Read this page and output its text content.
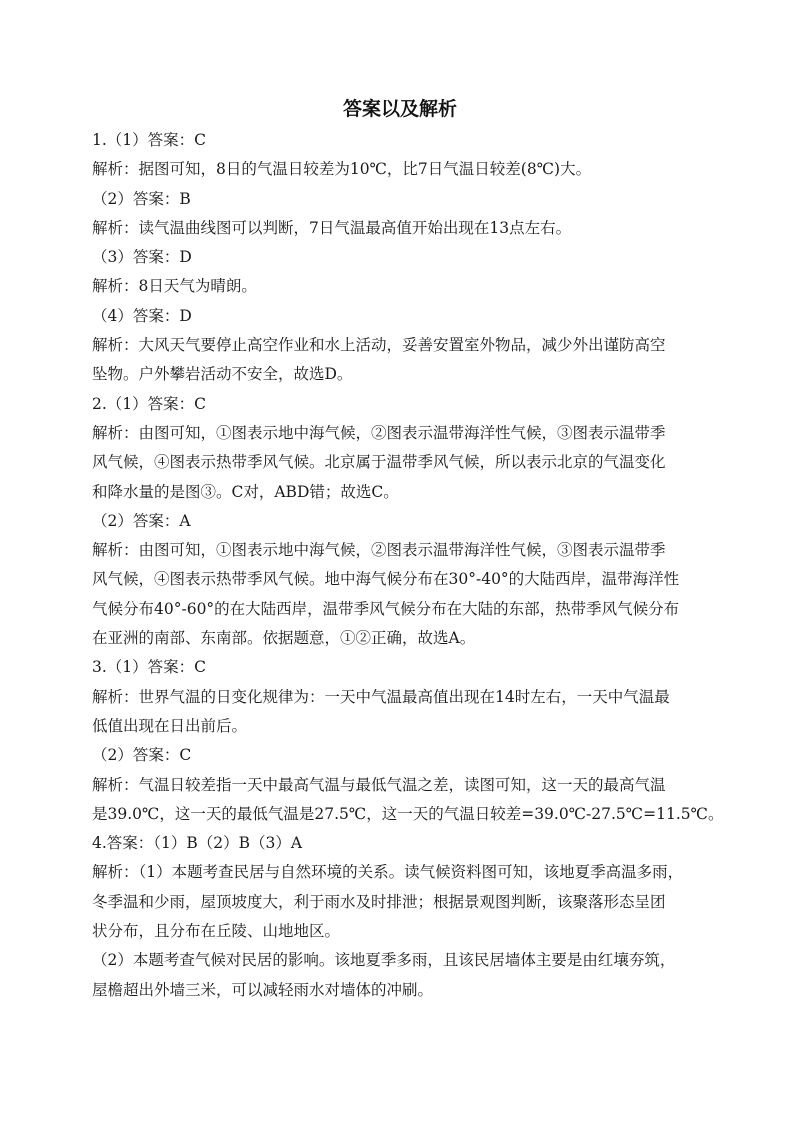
答案以及解析

1.（1）答案：C

解析：据图可知，8日的气温日较差为10℃，比7日气温日较差(8℃)大。

（2）答案：B

解析：读气温曲线图可以判断，7日气温最高值开始出现在13点左右。

（3）答案：D

解析：8日天气为晴朗。

（4）答案：D

解析：大风天气要停止高空作业和水上活动，妥善安置室外物品，减少外出谨防高空

坠物。户外攀岩活动不安全，故选D。

2.（1）答案：C

解析：由图可知，①图表示地中海气候，②图表示温带海洋性气候，③图表示温带季

风气候，④图表示热带季风气候。北京属于温带季风气候，所以表示北京的气温变化

和降水量的是图③。C对，ABD错；故选C。

（2）答案：A

解析：由图可知，①图表示地中海气候，②图表示温带海洋性气候，③图表示温带季

风气候，④图表示热带季风气候。地中海气候分布在30°-40°的大陆西岸，温带海洋性

气候分布40°-60°的在大陆西岸，温带季风气候分布在大陆的东部，热带季风气候分布

在亚洲的南部、东南部。依据题意，①②正确，故选A。

3.（1）答案：C

解析：世界气温的日变化规律为：一天中气温最高值出现在14时左右，一天中气温最

低值出现在日出前后。

（2）答案：C

解析：气温日较差指一天中最高气温与最低气温之差，读图可知，这一天的最高气温

是39.0℃，这一天的最低气温是27.5℃，这一天的气温日较差=39.0℃-27.5℃=11.5℃。

4.答案：（1）B（2）B（3）A

解析：（1）本题考查民居与自然环境的关系。读气候资料图可知，该地夏季高温多雨，

冬季温和少雨，屋顶坡度大，利于雨水及时排泄；根据景观图判断，该聚落形态呈团

状分布，且分布在丘陵、山地地区。

（2）本题考查气候对民居的影响。该地夏季多雨，且该民居墙体主要是由红壤夯筑，

屋檐超出外墙三米，可以减轻雨水对墙体的冲刷。
